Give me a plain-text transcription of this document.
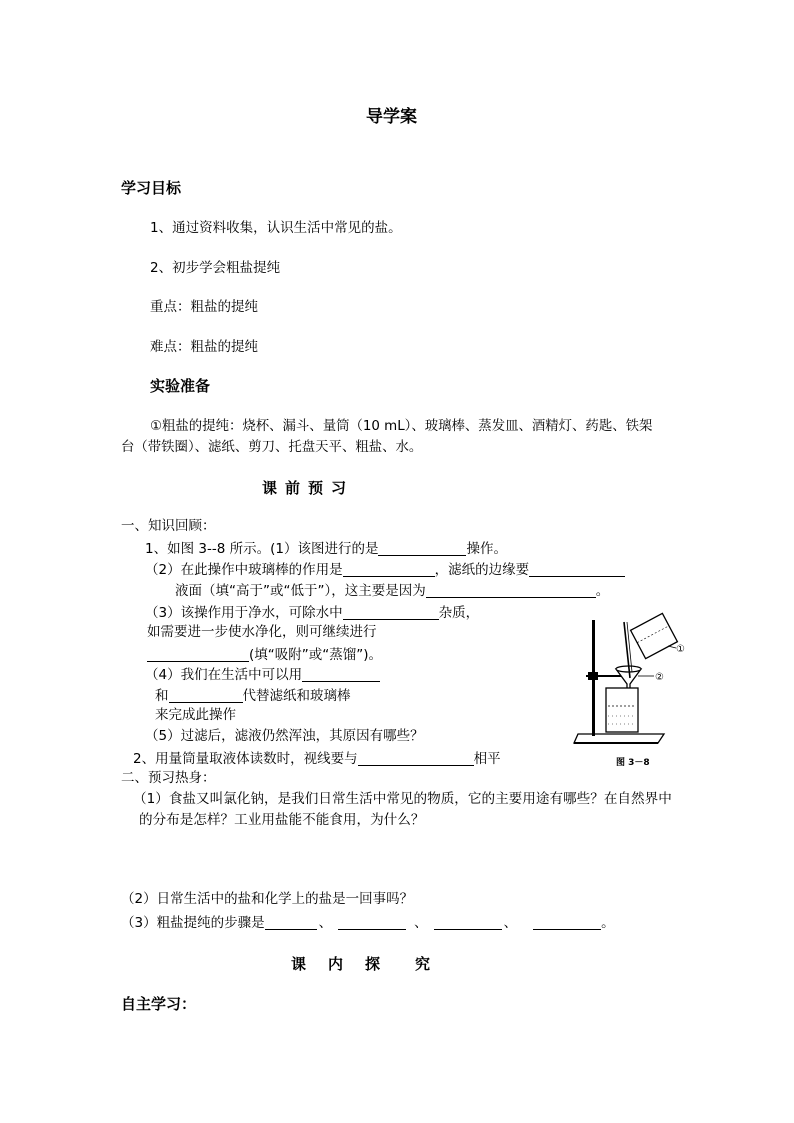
导学案
学习目标
1、通过资料收集，认识生活中常见的盐。
2、初步学会粗盐提纯
重点：粗盐的提纯
难点：粗盐的提纯
实验准备
①粗盐的提纯：烧杯、漏斗、量筒（10 mL）、玻璃棒、蒸发皿、酒精灯、药匙、铁架
台（带铁圈）、滤纸、剪刀、托盘天平、粗盐、水。
课 前 预 习
一、知识回顾：
1、如图 3--8 所示。(1）该图进行的是	操作。
（2）在此操作中玻璃棒的作用是	，滤纸的边缘要
液面（填“高于”或“低于”），这主要是因为	。
（3）该操作用于净水，可除水中	杂质，
如需要进一步使水净化，则可继续进行
(填“吸附”或“蒸馏”)。
（4）我们在生活中可以用
和	代替滤纸和玻璃棒
来完成此操作
（5）过滤后，滤液仍然浑浊，其原因有哪些？
2、用量筒量取液体读数时，视线要与	相平
二、预习热身：
（1）食盐又叫氯化钠，是我们日常生活中常见的物质，它的主要用途有哪些？在自然界中
的分布是怎样？工业用盐能不能食用，为什么？
（2）日常生活中的盐和化学上的盐是一回事吗？
（3）粗盐提纯的步骤是	、	、	、	。
课 内 探 究
自主学习：
①
②
图 3－8
